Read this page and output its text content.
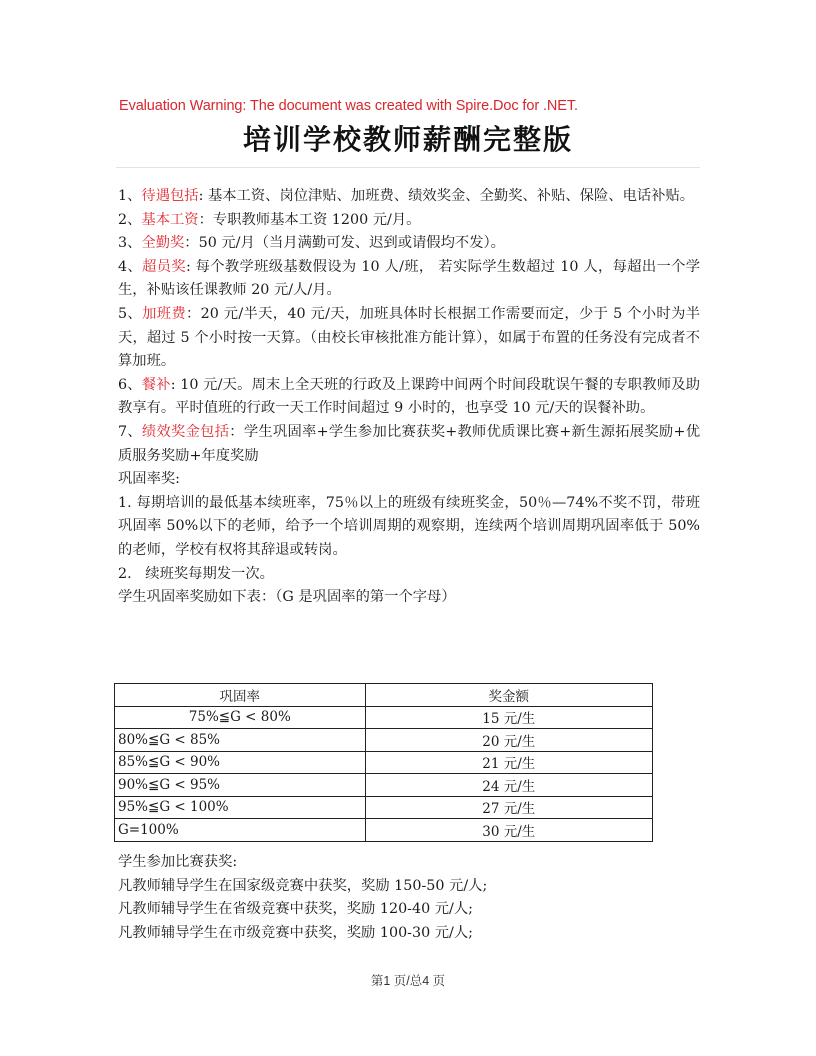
Evaluation Warning: The document was created with Spire.Doc for .NET.
培训学校教师薪酬完整版

1、待遇包括: 基本工资、岗位津贴、加班费、绩效奖金、全勤奖、补贴、保险、电话补贴。

2、基本工资：专职教师基本工资 1200 元/月。

3、全勤奖：50 元/月（当月满勤可发、迟到或请假均不发）。

4、超员奖: 每个教学班级基数假设为 10 人/班， 若实际学生数超过 10 人，每超出一个学生，补贴该任课教师 20 元/人/月。

5、加班费：20 元/半天，40 元/天，加班具体时长根据工作需要而定，少于 5 个小时为半天，超过 5 个小时按一天算。（由校长审核批准方能计算），如属于布置的任务没有完成者不算加班。

6、餐补: 10 元/天。周末上全天班的行政及上课跨中间两个时间段耽误午餐的专职教师及助教享有。平时值班的行政一天工作时间超过 9 小时的，也享受 10 元/天的误餐补助。

7、绩效奖金包括：学生巩固率+学生参加比赛获奖+教师优质课比赛+新生源拓展奖励+优质服务奖励+年度奖励

巩固率奖:

1. 每期培训的最低基本续班率，75％以上的班级有续班奖金，50％—74%不奖不罚，带班巩固率 50%以下的老师，给予一个培训周期的观察期，连续两个培训周期巩固率低于 50%的老师，学校有权将其辞退或转岗。

2.   续班奖每期发一次。

学生巩固率奖励如下表：（G 是巩固率的第一个字母）

巩固率	奖金额
75%≦G < 80%	15 元/生
80%≦G < 85%	20 元/生
85%≦G < 90%	21 元/生
90%≦G < 95%	24 元/生
95%≦G < 100%	27 元/生
G=100%	30 元/生

学生参加比赛获奖:

凡教师辅导学生在国家级竞赛中获奖，奖励 150-50 元/人;

凡教师辅导学生在省级竞赛中获奖，奖励 120-40 元/人;

凡教师辅导学生在市级竞赛中获奖，奖励 100-30 元/人;

第1 页/总4 页
